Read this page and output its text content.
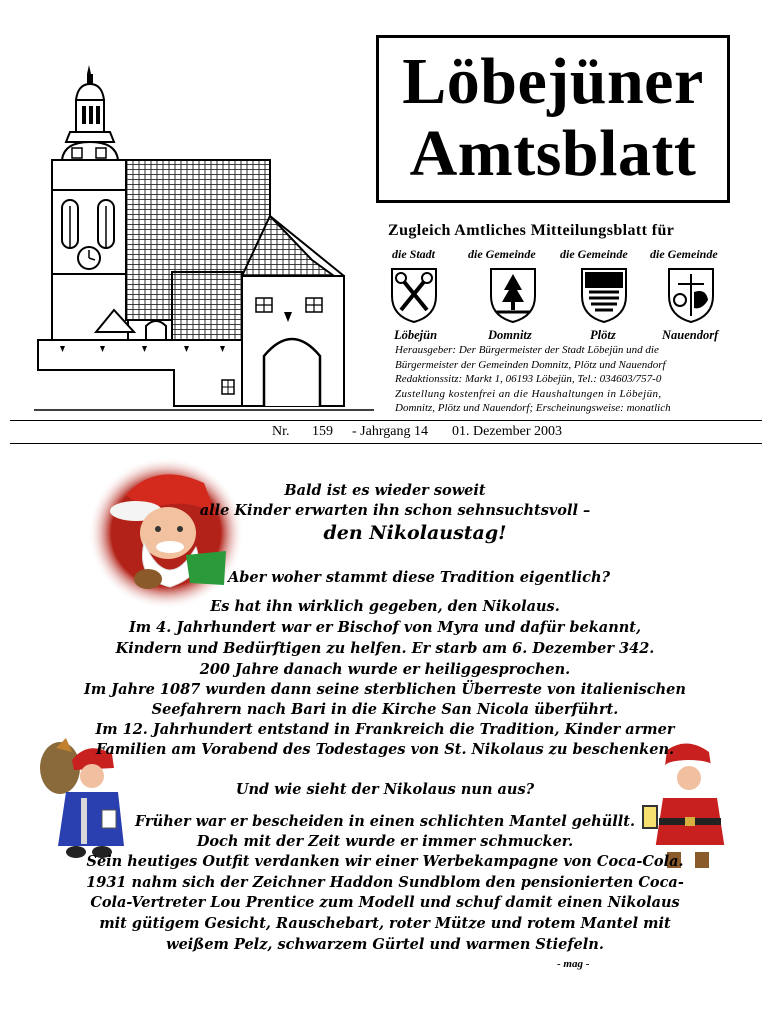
Löbejüner
Amtsblatt
Zugleich Amtliches Mitteilungsblatt für
die Stadt	die Gemeinde die Gemeinde die Gemeinde
Löbejün	Domnitz	Plötz	Nauendorf
Herausgeber: Der Bürgermeister der Stadt Löbejün und die
Bürgermeister der Gemeinden Domnitz, Plötz und Nauendorf
Redaktionssitz: Markt 1, 06193 Löbejün, Tel.: 034603/757-0
Zustellung kostenfrei an die Haushaltungen in Löbejün,
Domnitz, Plötz und Nauendorf; Erscheinungsweise: monatlich
Nr. 159 - Jahrgang 14 01. Dezember 2003
Bald ist es wieder soweit
alle Kinder erwarten ihn schon sehnsuchtsvoll –
den Nikolaustag!
Aber woher stammt diese Tradition eigentlich?
Es hat ihn wirklich gegeben, den Nikolaus.
Im 4. Jahrhundert war er Bischof von Myra und dafür bekannt,
Kindern und Bedürftigen zu helfen. Er starb am 6. Dezember 342.
200 Jahre danach wurde er heiliggesprochen.
Im Jahre 1087 wurden dann seine sterblichen Überreste von italienischen
Seefahrern nach Bari in die Kirche San Nicola überführt.
Im 12. Jahrhundert entstand in Frankreich die Tradition, Kinder armer
Familien am Vorabend des Todestages von St. Nikolaus zu beschenken.
Und wie sieht der Nikolaus nun aus?
Früher war er bescheiden in einen schlichten Mantel gehüllt.
Doch mit der Zeit wurde er immer schmucker.
Sein heutiges Outfit verdanken wir einer Werbekampagne von Coca-Cola.
1931 nahm sich der Zeichner Haddon Sundblom den pensionierten Coca-
Cola-Vertreter Lou Prentice zum Modell und schuf damit einen Nikolaus
mit gütigem Gesicht, Rauschebart, roter Mütze und rotem Mantel mit
weißem Pelz, schwarzem Gürtel und warmen Stiefeln.
- mag -
